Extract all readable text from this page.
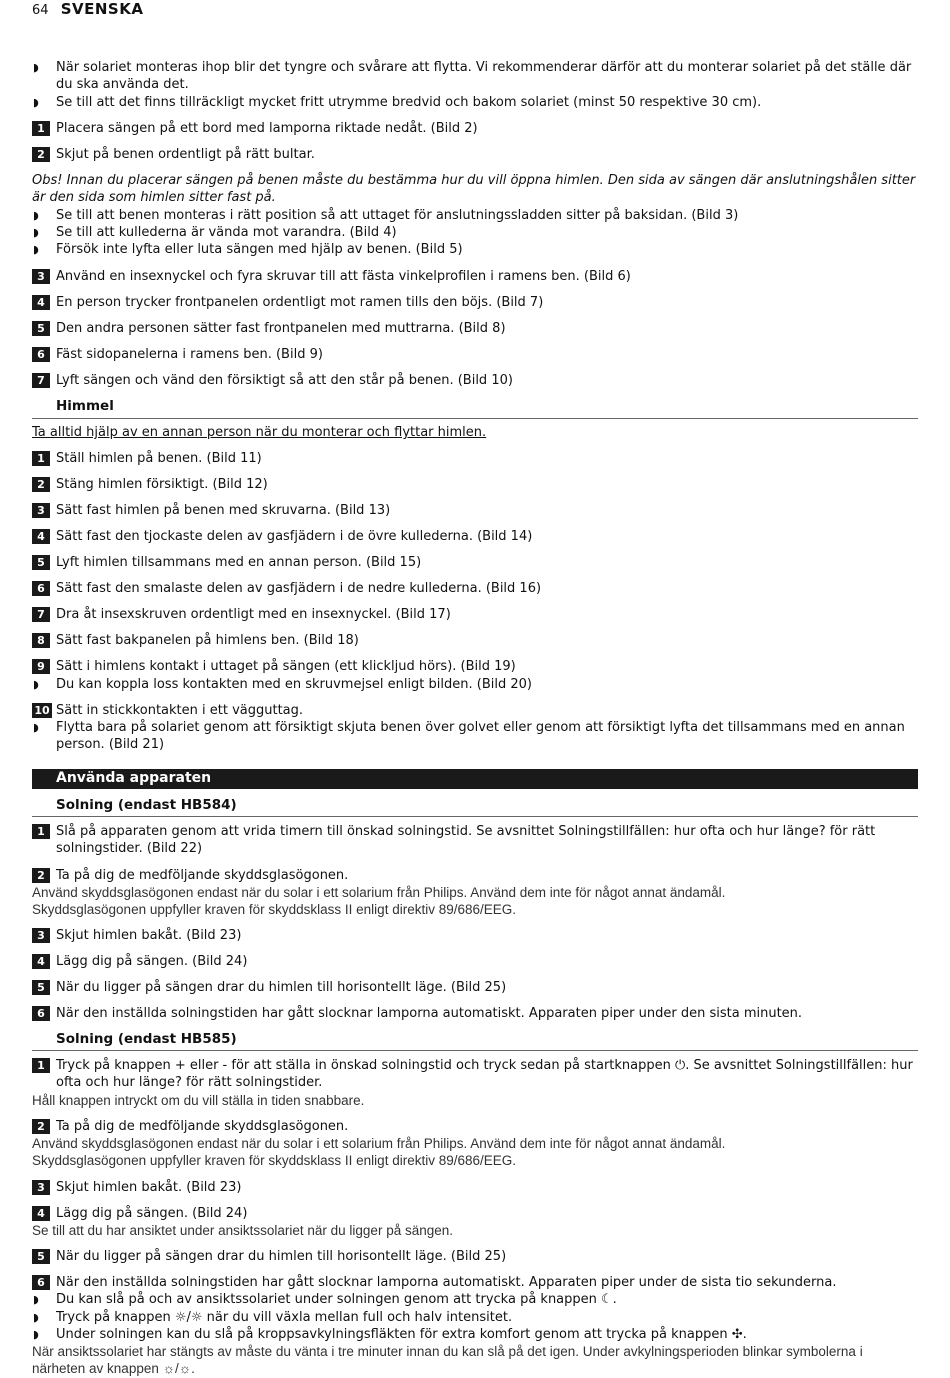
64 SVENSKA
◗ När solariet monteras ihop blir det tyngre och svårare att flytta. Vi rekommenderar därför att du monterar solariet på det ställe där du ska använda det.
◗ Se till att det finns tillräckligt mycket fritt utrymme bredvid och bakom solariet (minst 50 respektive 30 cm).
1 Placera sängen på ett bord med lamporna riktade nedåt. (Bild 2)
2 Skjut på benen ordentligt på rätt bultar.
Obs! Innan du placerar sängen på benen måste du bestämma hur du vill öppna himlen. Den sida av sängen där anslutningshålen sitter är den sida som himlen sitter fast på.
◗ Se till att benen monteras i rätt position så att uttaget för anslutningssladden sitter på baksidan. (Bild 3)
◗ Se till att kullederna är vända mot varandra. (Bild 4)
◗ Försök inte lyfta eller luta sängen med hjälp av benen. (Bild 5)
3 Använd en insexnyckel och fyra skruvar till att fästa vinkelprofilen i ramens ben. (Bild 6)
4 En person trycker frontpanelen ordentligt mot ramen tills den böjs. (Bild 7)
5 Den andra personen sätter fast frontpanelen med muttrarna. (Bild 8)
6 Fäst sidopanelerna i ramens ben. (Bild 9)
7 Lyft sängen och vänd den försiktigt så att den står på benen. (Bild 10)
Himmel
Ta alltid hjälp av en annan person när du monterar och flyttar himlen.
1 Ställ himlen på benen. (Bild 11)
2 Stäng himlen försiktigt. (Bild 12)
3 Sätt fast himlen på benen med skruvarna. (Bild 13)
4 Sätt fast den tjockaste delen av gasfjädern i de övre kullederna. (Bild 14)
5 Lyft himlen tillsammans med en annan person. (Bild 15)
6 Sätt fast den smalaste delen av gasfjädern i de nedre kullederna. (Bild 16)
7 Dra åt insexskruven ordentligt med en insexnyckel. (Bild 17)
8 Sätt fast bakpanelen på himlens ben. (Bild 18)
9 Sätt i himlens kontakt i uttaget på sängen (ett klickljud hörs). (Bild 19)
◗ Du kan koppla loss kontakten med en skruvmejsel enligt bilden. (Bild 20)
10 Sätt in stickkontakten i ett vägguttag.
◗ Flytta bara på solariet genom att försiktigt skjuta benen över golvet eller genom att försiktigt lyfta det tillsammans med en annan person. (Bild 21)
Använda apparaten
Solning (endast HB584)
1 Slå på apparaten genom att vrida timern till önskad solningstid. Se avsnittet Solningstillfällen: hur ofta och hur länge? för rätt solningstider. (Bild 22)
2 Ta på dig de medföljande skyddsglasögonen.
Använd skyddsglasögonen endast när du solar i ett solarium från Philips. Använd dem inte för något annat ändamål.
Skyddsglasögonen uppfyller kraven för skyddsklass II enligt direktiv 89/686/EEG.
3 Skjut himlen bakåt. (Bild 23)
4 Lägg dig på sängen. (Bild 24)
5 När du ligger på sängen drar du himlen till horisontellt läge. (Bild 25)
6 När den inställda solningstiden har gått slocknar lamporna automatiskt. Apparaten piper under den sista minuten.
Solning (endast HB585)
1 Tryck på knappen + eller - för att ställa in önskad solningstid och tryck sedan på startknappen ⏻. Se avsnittet Solningstillfällen: hur ofta och hur länge? för rätt solningstider.
Håll knappen intryckt om du vill ställa in tiden snabbare.
2 Ta på dig de medföljande skyddsglasögonen.
Använd skyddsglasögonen endast när du solar i ett solarium från Philips. Använd dem inte för något annat ändamål.
Skyddsglasögonen uppfyller kraven för skyddsklass II enligt direktiv 89/686/EEG.
3 Skjut himlen bakåt. (Bild 23)
4 Lägg dig på sängen. (Bild 24)
Se till att du har ansiktet under ansiktssolariet när du ligger på sängen.
5 När du ligger på sängen drar du himlen till horisontellt läge. (Bild 25)
6 När den inställda solningstiden har gått slocknar lamporna automatiskt. Apparaten piper under de sista tio sekunderna.
◗ Du kan slå på och av ansiktssolariet under solningen genom att trycka på knappen ☾.
◗ Tryck på knappen ☼/☼ när du vill växla mellan full och halv intensitet.
◗ Under solningen kan du slå på kroppsavkylningsfläkten för extra komfort genom att trycka på knappen ✣.
När ansiktssolariet har stängts av måste du vänta i tre minuter innan du kan slå på det igen. Under avkylningsperioden blinkar symbolerna i närheten av knappen ☼/☼.
